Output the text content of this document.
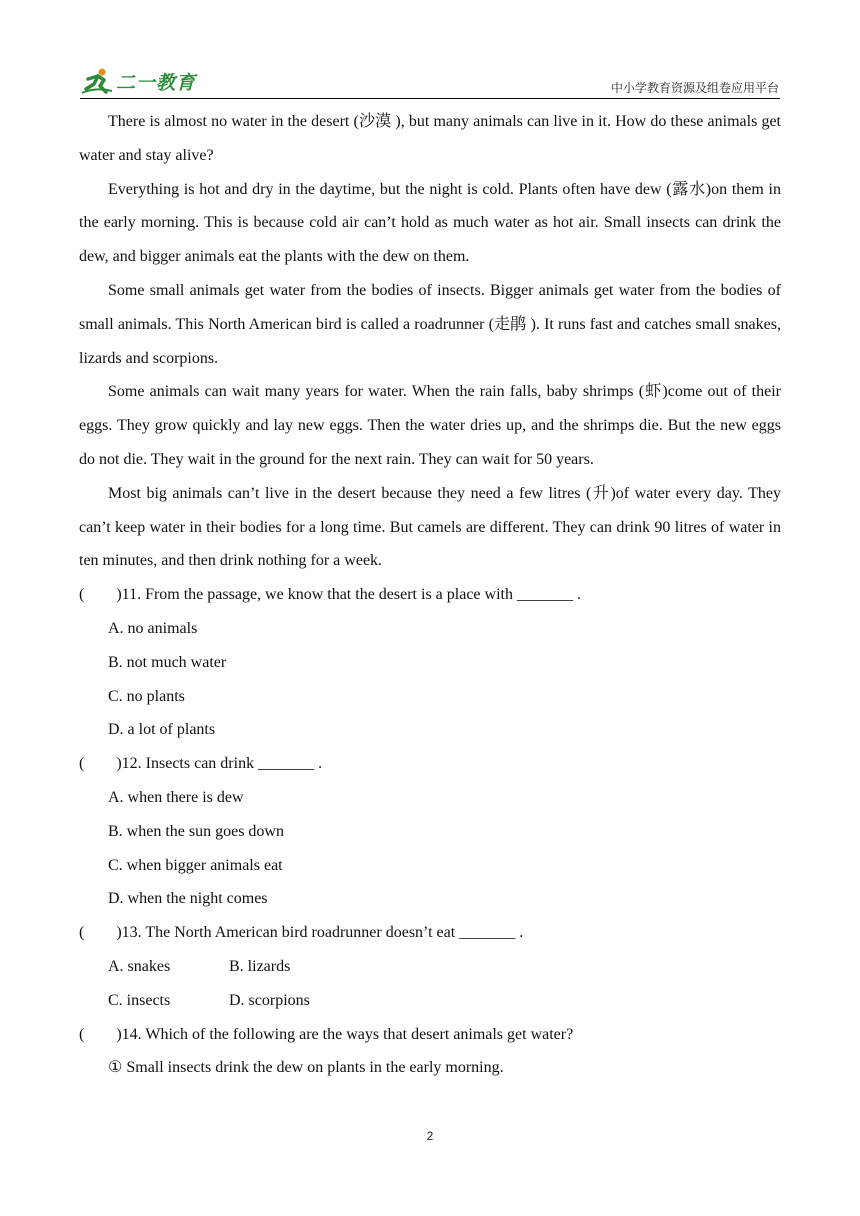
二一教育	中小学教育资源及组卷应用平台

There is almost no water in the desert (沙漠 ), but many animals can live in it. How do these animals get water and stay alive?

Everything is hot and dry in the daytime, but the night is cold. Plants often have dew (露水)on them in the early morning. This is because cold air can’t hold as much water as hot air. Small insects can drink the dew, and bigger animals eat the plants with the dew on them.

Some small animals get water from the bodies of insects. Bigger animals get water from the bodies of small animals. This North American bird is called a roadrunner (走鹃 ). It runs fast and catches small snakes, lizards and scorpions.

Some animals can wait many years for water. When the rain falls, baby shrimps (虾)come out of their eggs. They grow quickly and lay new eggs. Then the water dries up, and the shrimps die. But the new eggs do not die. They wait in the ground for the next rain. They can wait for 50 years.

Most big animals can’t live in the desert because they need a few litres (升)of water every day. They can’t keep water in their bodies for a long time. But camels are different. They can drink 90 litres of water in ten minutes, and then drink nothing for a week.

(        )11. From the passage, we know that the desert is a place with _______ .

A. no animals

B. not much water

C. no plants

D. a lot of plants

(        )12. Insects can drink _______ .

A. when there is dew

B. when the sun goes down

C. when bigger animals eat

D. when the night comes

(        )13. The North American bird roadrunner doesn’t eat _______ .

A. snakes	B. lizards
C. insects	D. scorpions

(        )14. Which of the following are the ways that desert animals get water?

① Small insects drink the dew on plants in the early morning.

2
